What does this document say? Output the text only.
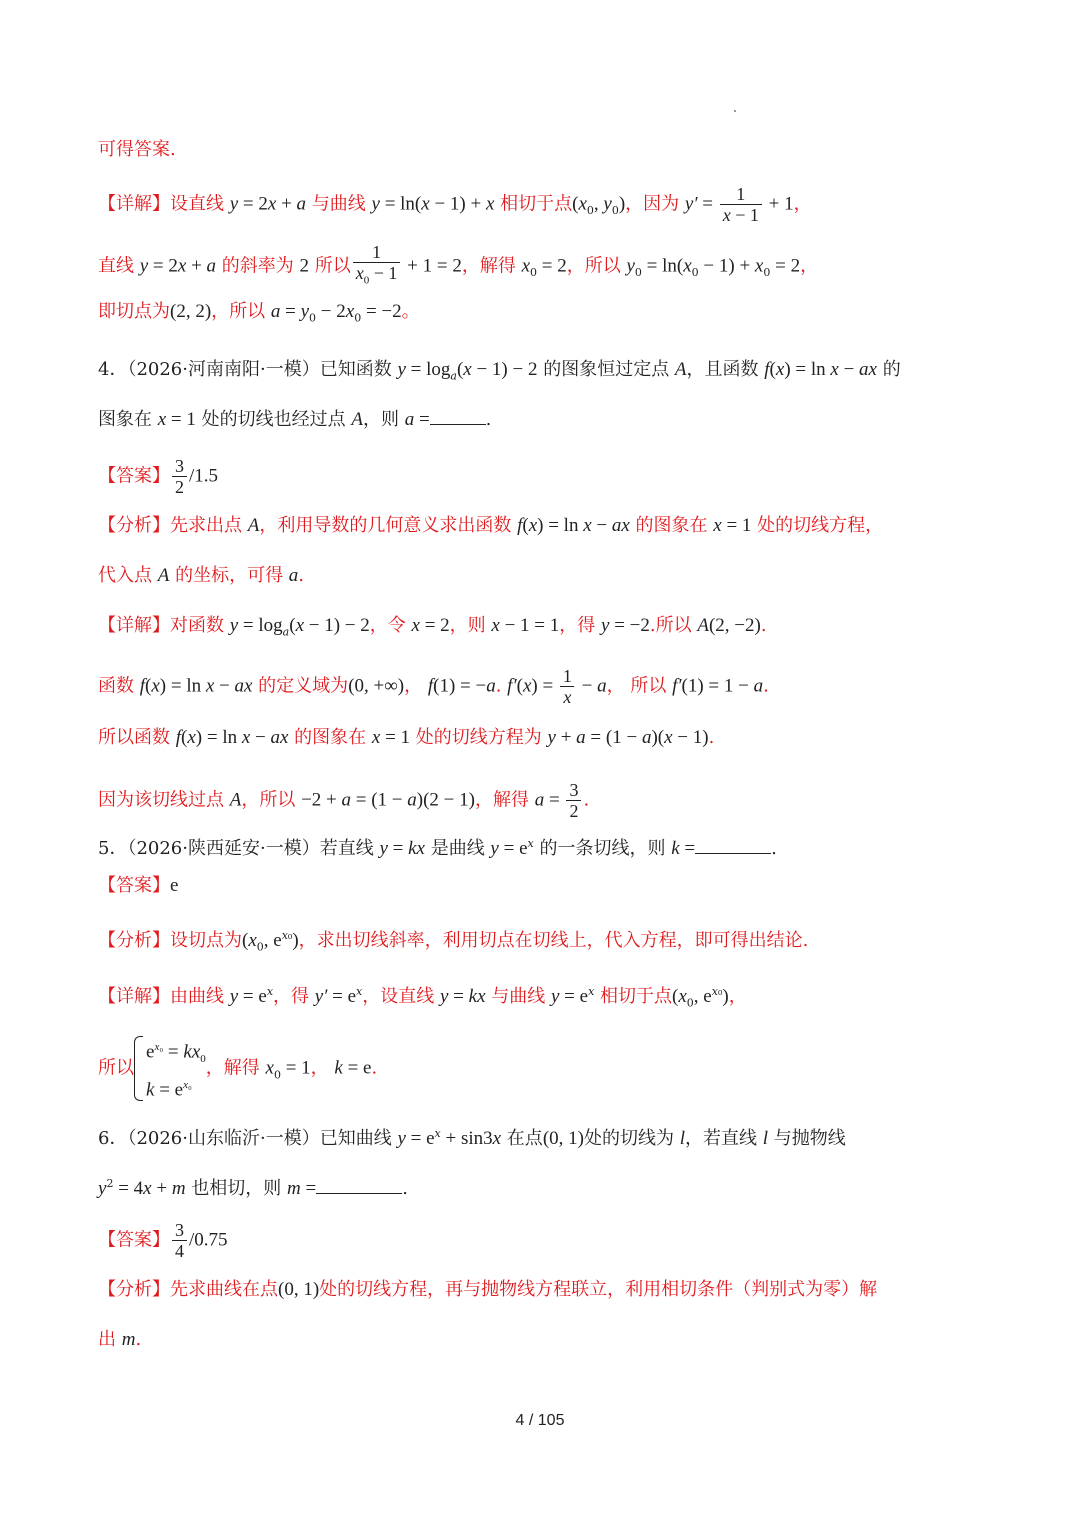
可得答案.
【详解】设直线 y = 2x + a 与曲线 y = ln(x − 1) + x 相切于点($x_0$, $y_0$)，因为 $y' = \frac{1}{x - 1} + 1$，
直线 y = 2x + a 的斜率为 2 所以 $\frac{1}{x_0 - 1} + 1 = 2$，解得 $x_0 = 2$，所以 $y_0 = \ln(x_0 - 1) + x_0 = 2$，
即切点为(2, 2)，所以 $a = y_0 - 2x_0 = -2$。
4．（2026·河南南阳·一模）已知函数 $y = \log_a(x - 1) - 2$ 的图象恒过定点 A，且函数 f(x) = ln x − ax 的
图象在 x = 1 处的切线也经过点 A，则 a =	.
【答案】 $\frac{3}{2} /1.5$
【分析】先求出点 A，利用导数的几何意义求出函数 f(x) = ln x − ax 的图象在 x = 1 处的切线方程，
代入点 A 的坐标，可得 a.
【详解】对函数 $y = \log_a(x - 1) - 2$，令 x = 2，则 x − 1 = 1，得 y = −2.所以 A(2, −2).
函数 f(x) = ln x − ax 的定义域为(0, +∞)， f(1) = −a. $f'(x) = \frac{1}{x} - a$， 所以 f′(1) = 1 − a.
所以函数 f(x) = ln x − ax 的图象在 x = 1 处的切线方程为 y + a = (1 − a)(x − 1).
因为该切线过点 A，所以 −2 + a = (1 − a)(2 − 1)，解得 $a = \frac{3}{2}$ .
5．（2026·陕西延安·一模）若直线 y = kx 是曲线 $y = e^x$ 的一条切线，则 k =	.
【答案】e
【分析】设切点为($x_0$, $e^{x_0}$)，求出切线斜率，利用切点在切线上，代入方程，即可得出结论.
【详解】由曲线 $y = e^x$，得 $y' = e^x$，设直线 y = kx 与曲线 $y = e^x$ 相切于点($x_0$, $e^{x_0}$)，
所以
$e^{x_0} = kx_0$
$k = e^{x_0}$
，解得 $x_0 = 1$， k = e.
6．（2026·山东临沂·一模）已知曲线 $y = e^x + \sin 3x$ 在点(0, 1)处的切线为 l，若直线 l 与抛物线
$y^2 = 4x + m$ 也相切，则 m =	.
【答案】 $\frac{3}{4} /0.75$
【分析】先求曲线在点(0, 1)处的切线方程，再与抛物线方程联立，利用相切条件（判别式为零）解
出 m.
4 / 105
